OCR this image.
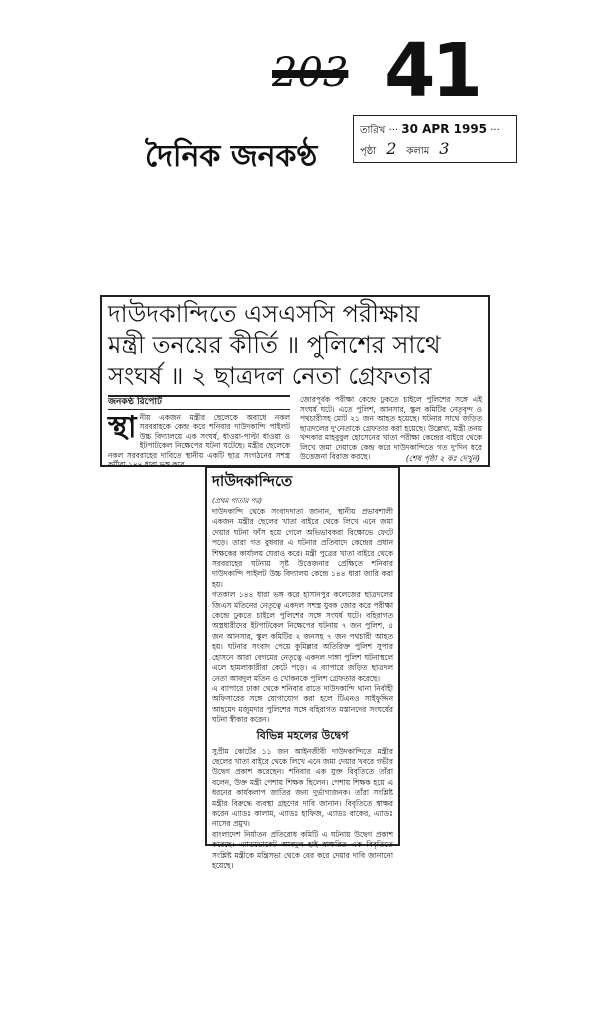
203 41
দৈনিক জনকণ্ঠ
তারিখ ··· 30 APR 1995 ···
পৃষ্ঠা 2 কলাম 3
দাউদকান্দিতে এসএসসি পরীক্ষায়
মন্ত্রী তনয়ের কীর্তি ॥ পুলিশের সাথে
সংঘর্ষ ॥ ২ ছাত্রদল নেতা গ্রেফতার
জনকণ্ঠ রিপোর্ট
স্থা নীয় একজন মন্ত্রীর ছেলেকে অবাধে নকল সরবরাহকে কেন্দ্র করে শনিবার দাউদকান্দি পাইলট উচ্চ বিদ্যালয়ে এক সংঘর্ষ, ধাওয়া-পাল্টা ধাওয়া ও ইটপাটকেল নিক্ষেপের ঘটনা ঘটেছে। মন্ত্রীর ছেলেকে নকল সরবরাহের দাবিতে স্থানীয় একটি ছাত্র সংগঠনের সশস্ত্র কর্মীরা ১৪৪ ধারা ভঙ্গ করে
জোরপূর্বক পরীক্ষা কেন্দ্রে ঢুকতে চাইলে পুলিশের সঙ্গে এই সংঘর্ষ ঘটে। এতে পুলিশ, আনসার, স্কুল কমিটির নেতৃবৃন্দ ও পথচারীসহ মোট ২১ জন আহত হয়েছে। ঘটনার সাথে জড়িত ছাত্রদলের দু'নেতাকে গ্রেফতার করা হয়েছে। উল্লেখ্য, মন্ত্রী তনয় খন্দকার মাহবুবুল হোসেনের খাতা পরীক্ষা কেন্দ্রের বাইরে থেকে লিখে জমা দেয়াকে কেন্দ্র করে দাউদকান্দিতে গত দু'দিন ধরে উত্তেজনা বিরাজ করছে।	(শেষ পৃষ্ঠা ২ কঃ দেখুন)
দাউদকান্দিতে
(প্রথম পাতার পর)

দাউদকান্দি থেকে সংবাদদাতা জানান, স্থানীয় প্রভাবশালী একজন মন্ত্রীর ছেলের খাতা বাইরে থেকে লিখে এনে জমা দেয়ার ঘটনা ফাঁস হয়ে গেলে অভিভাবকরা বিক্ষোভে ফেটে পড়ে। তারা গত বুধবার এ ঘটনার প্রতিবাদে কেন্দ্রের প্রধান শিক্ষকের কার্যালয় ঘেরাও করে। মন্ত্রী পুত্রের খাতা বাইরে থেকে সরবরাহের ঘটনায় সৃষ্ট উত্তেজনার প্রেক্ষিতে শনিবার দাউদকান্দি পাইলট উচ্চ বিদ্যালয় কেন্দ্রে ১৪৪ ধারা জারি করা হয়।

গতকাল ১৪৪ ধারা ভঙ্গ করে হাসানপুর কলেজের ছাত্রদলের জিএস মতিনের নেতৃত্বে একদল সশস্ত্র যুবক জোর করে পরীক্ষা কেন্দ্রে ঢুকতে চাইলে পুলিশের সঙ্গে সংঘর্ষ ঘটে। বহিরাগত অস্ত্রধারীদের ইটপাটকেল নিক্ষেপের ঘটনায় ৭ জন পুলিশ, ৫ জন আনসার, স্কুল কমিটির ২ জনসহ ৭ জন পথচারী আহত হয়। ঘটনার সংবাদ পেয়ে কুমিল্লার অতিরিক্ত পুলিশ সুপার হোসনে আরা বেগমের নেতৃত্বে একদল দাঙ্গা পুলিশ ঘটনাস্থলে এলে হামলাকারীরা কেটে পড়ে। এ ব্যাপারে জড়িত ছাত্রদল নেতা আবদুল মতিন ও খোকনকে পুলিশ গ্রেফতার করেছে।

এ ব্যাপারে ঢাকা থেকে শনিবার রাতে দাউদকান্দি থানা নির্বাহী অফিসারের সঙ্গে যোগাযোগ করা হলে টিএনও সাইফুদ্দিন আহমেদ মজুমদার পুলিশের সঙ্গে বহিরাগত মস্তানদের সংঘর্ষের ঘটনা স্বীকার করেন।

বিভিন্ন মহলের উদ্বেগ

সুপ্রীম কোর্টের ১১ জন আইনজীবী দাউদকান্দিতে মন্ত্রীর ছেলের খাতা বাইরে থেকে লিখে এনে জমা দেয়ার খবরে গভীর উদ্বেগ প্রকাশ করেছেন। শনিবার এক যুক্ত বিবৃতিতে তাঁরা বলেন, উক্ত মন্ত্রী পেশায় শিক্ষক ছিলেন। পেশায় শিক্ষক হয়ে এ ধরনের কার্যকলাপ জাতির জন্য দুর্ভাগ্যজনক। তাঁরা সংশ্লিষ্ট মন্ত্রীর বিরুদ্ধে ব্যবস্থা গ্রহণের দাবি জানান। বিবৃতিতে স্বাক্ষর করেন এ্যাডঃ কালাম, এ্যাডঃ হাফিজ, এ্যাডঃ বাকের, এ্যাডঃ নাসের প্রমুখ।

বাংলাদেশ নির্যাতন প্রতিরোধ কমিটি এ ঘটনায় উদ্বেগ প্রকাশ করেছে। এ্যাডভোকেট আবদুল হাই স্বাক্ষরিত এক বিবৃতিতে সংশ্লিষ্ট মন্ত্রীকে মন্ত্রিসভা থেকে বের করে দেয়ার দাবি জানানো হয়েছে।
